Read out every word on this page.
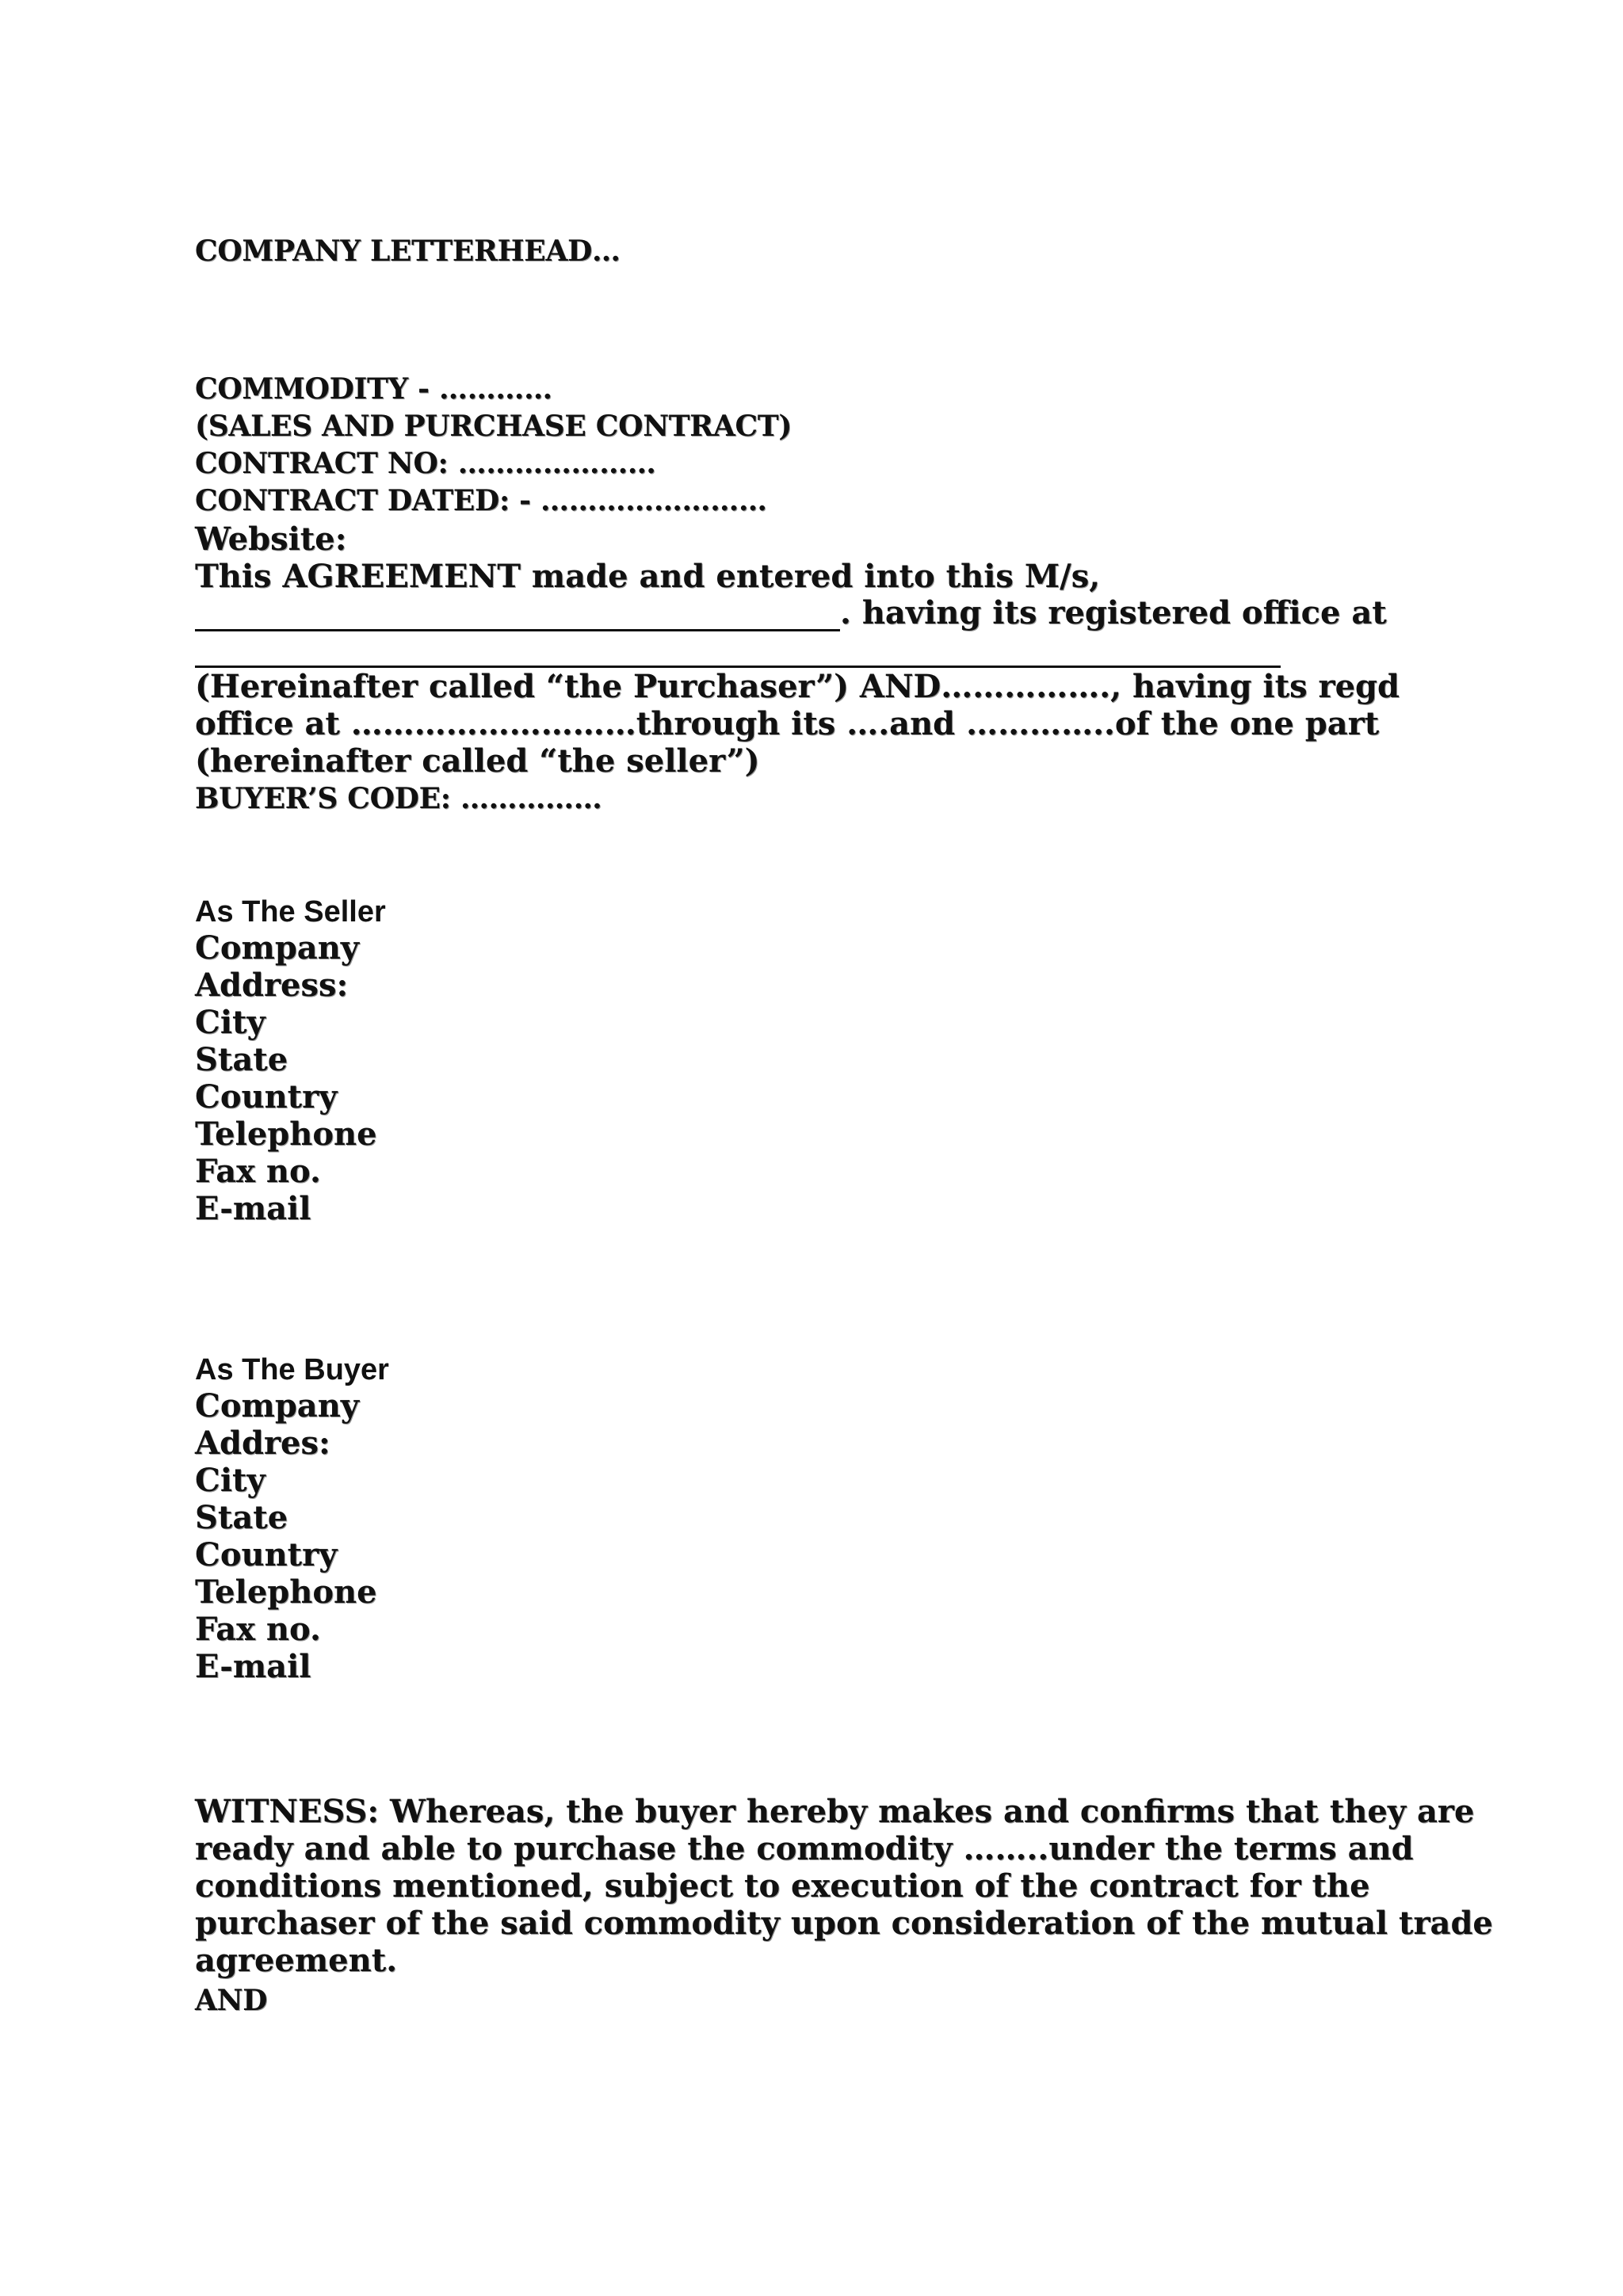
COMPANY LETTERHEAD…
COMMODITY - …………
(SALES AND PURCHASE CONTRACT)
CONTRACT NO: …………………
CONTRACT DATED: - ……………………
Website:
This AGREEMENT made and entered into this M/s,
. having its registered office at
(Hereinafter called “the Purchaser”) AND……………., having its regd
office at ………………………through its ….and …………..of the one part
(hereinafter called “the seller”)
BUYER’S CODE: ……………
As The Seller
Company
Address:
City
State
Country
Telephone
Fax no.
E-mail
As The Buyer
Company
Addres:
City
State
Country
Telephone
Fax no.
E-mail
WITNESS: Whereas, the buyer hereby makes and confirms that they are
ready and able to purchase the commodity ……..under the terms and
conditions mentioned, subject to execution of the contract for the
purchaser of the said commodity upon consideration of the mutual trade
agreement.
AND
